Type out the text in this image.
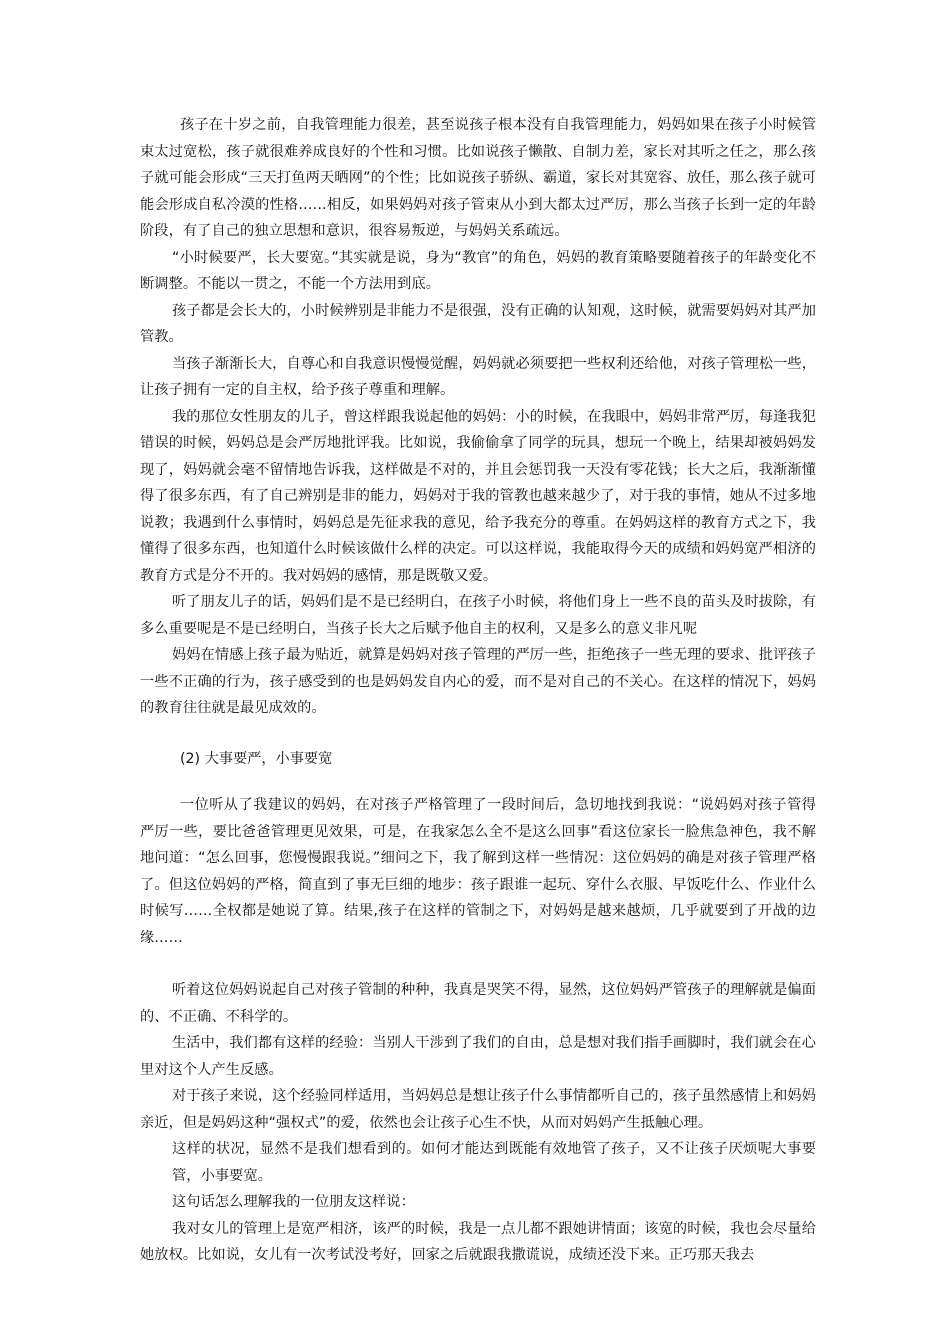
孩子在十岁之前，自我管理能力很差，甚至说孩子根本没有自我管理能力，妈妈如果在孩子小时候管束太过宽松，孩子就很难养成良好的个性和习惯。比如说孩子懒散、自制力差，家长对其听之任之，那么孩子就可能会形成“三天打鱼两天晒网”的个性；比如说孩子骄纵、霸道，家长对其宽容、放任，那么孩子就可能会形成自私冷漠的性格……相反，如果妈妈对孩子管束从小到大都太过严厉，那么当孩子长到一定的年龄阶段，有了自己的独立思想和意识，很容易叛逆，与妈妈关系疏远。

“小时候要严，长大要宽。”其实就是说，身为“教官”的角色，妈妈的教育策略要随着孩子的年龄变化不断调整。不能以一贯之，不能一个方法用到底。

孩子都是会长大的，小时候辨别是非能力不是很强，没有正确的认知观，这时候，就需要妈妈对其严加管教。

当孩子渐渐长大，自尊心和自我意识慢慢觉醒，妈妈就必须要把一些权利还给他，对孩子管理松一些，让孩子拥有一定的自主权，给予孩子尊重和理解。

我的那位女性朋友的儿子，曾这样跟我说起他的妈妈：小的时候，在我眼中，妈妈非常严厉，每逢我犯错误的时候，妈妈总是会严厉地批评我。比如说，我偷偷拿了同学的玩具，想玩一个晚上，结果却被妈妈发现了，妈妈就会毫不留情地告诉我，这样做是不对的，并且会惩罚我一天没有零花钱；长大之后，我渐渐懂得了很多东西，有了自己辨别是非的能力，妈妈对于我的管教也越来越少了，对于我的事情，她从不过多地说教；我遇到什么事情时，妈妈总是先征求我的意见，给予我充分的尊重。在妈妈这样的教育方式之下，我懂得了很多东西，也知道什么时候该做什么样的决定。可以这样说，我能取得今天的成绩和妈妈宽严相济的教育方式是分不开的。我对妈妈的感情，那是既敬又爱。

听了朋友儿子的话，妈妈们是不是已经明白，在孩子小时候，将他们身上一些不良的苗头及时拔除，有多么重要呢是不是已经明白，当孩子长大之后赋予他自主的权利，又是多么的意义非凡呢

妈妈在情感上孩子最为贴近，就算是妈妈对孩子管理的严厉一些，拒绝孩子一些无理的要求、批评孩子一些不正确的行为，孩子感受到的也是妈妈发自内心的爱，而不是对自己的不关心。在这样的情况下，妈妈的教育往往就是最见成效的。

(2) 大事要严，小事要宽

一位听从了我建议的妈妈，在对孩子严格管理了一段时间后，急切地找到我说：“说妈妈对孩子管得严厉一些，要比爸爸管理更见效果，可是，在我家怎么全不是这么回事”看这位家长一脸焦急神色，我不解地问道：“怎么回事，您慢慢跟我说。”细问之下，我了解到这样一些情况：这位妈妈的确是对孩子管理严格了。但这位妈妈的严格，简直到了事无巨细的地步：孩子跟谁一起玩、穿什么衣服、早饭吃什么、作业什么时候写……全权都是她说了算。结果,孩子在这样的管制之下，对妈妈是越来越烦，几乎就要到了开战的边缘……

听着这位妈妈说起自己对孩子管制的种种，我真是哭笑不得，显然，这位妈妈严管孩子的理解就是偏面的、不正确、不科学的。

生活中，我们都有这样的经验：当别人干涉到了我们的自由，总是想对我们指手画脚时，我们就会在心里对这个人产生反感。

对于孩子来说，这个经验同样适用，当妈妈总是想让孩子什么事情都听自己的，孩子虽然感情上和妈妈亲近，但是妈妈这种“强权式”的爱，依然也会让孩子心生不快，从而对妈妈产生抵触心理。

这样的状况，显然不是我们想看到的。如何才能达到既能有效地管了孩子，又不让孩子厌烦呢大事要管，小事要宽。

这句话怎么理解我的一位朋友这样说：

我对女儿的管理上是宽严相济，该严的时候，我是一点儿都不跟她讲情面；该宽的时候，我也会尽量给她放权。比如说，女儿有一次考试没考好，回家之后就跟我撒谎说，成绩还没下来。正巧那天我去
